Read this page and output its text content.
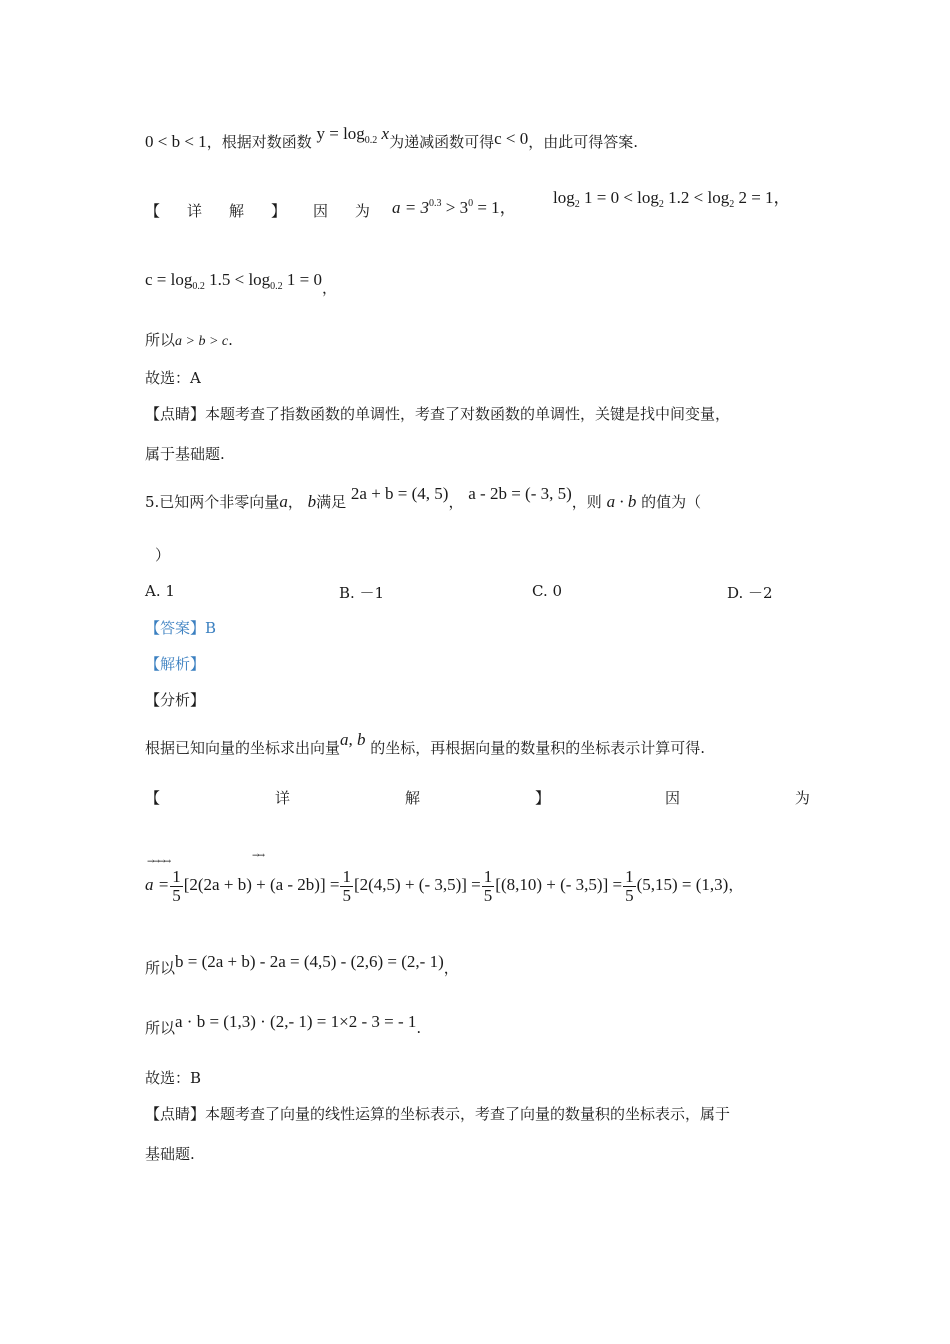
0 < b < 1，根据对数函数 $y = \log_{0.2} x$为递减函数可得c < 0，由此可得答案.
【 详 解 】 因 为 $a = 3^{0.3} > 3^0 = 1$，
$\log_2 1 = 0 < \log_2 1.2 < \log_2 2 = 1$，
$c = \log_{0.2} 1.5 < \log_{0.2} 1 = 0$，
所以a > b > c.
故选：A
【点睛】本题考查了指数函数的单调性，考查了对数函数的单调性，关键是找中间变量，
属于基础题.
5.已知两个非零向量a， b满足 2a + b = (4, 5)， a - 2b = (- 3, 5)，则 a · b 的值为（
）
A. 1	B. －1	C. 0	D. －2
【答案】B
【解析】
【分析】
根据已知向量的坐标求出向量a, b 的坐标，再根据向量的数量积的坐标表示计算可得.
【	详	解	】	因	为
→→→→
→→
$a = \frac{1}{5} [2(2a + b) + (a - 2b)] = \frac{1}{5} [2(4,5)$ + (- $3,5)] = \frac{1}{5} [(8,10)$ + (- $3,5)] = \frac{1}{5} (5,15) = (1,3)$，
所以b = (2a + b) - 2a = (4,5) - (2,6) = (2,- 1)，
所以a · b = (1,3) · (2,- 1) = 1×2 - 3 = - 1.
故选：B
【点睛】本题考查了向量的线性运算的坐标表示，考查了向量的数量积的坐标表示，属于
基础题.
